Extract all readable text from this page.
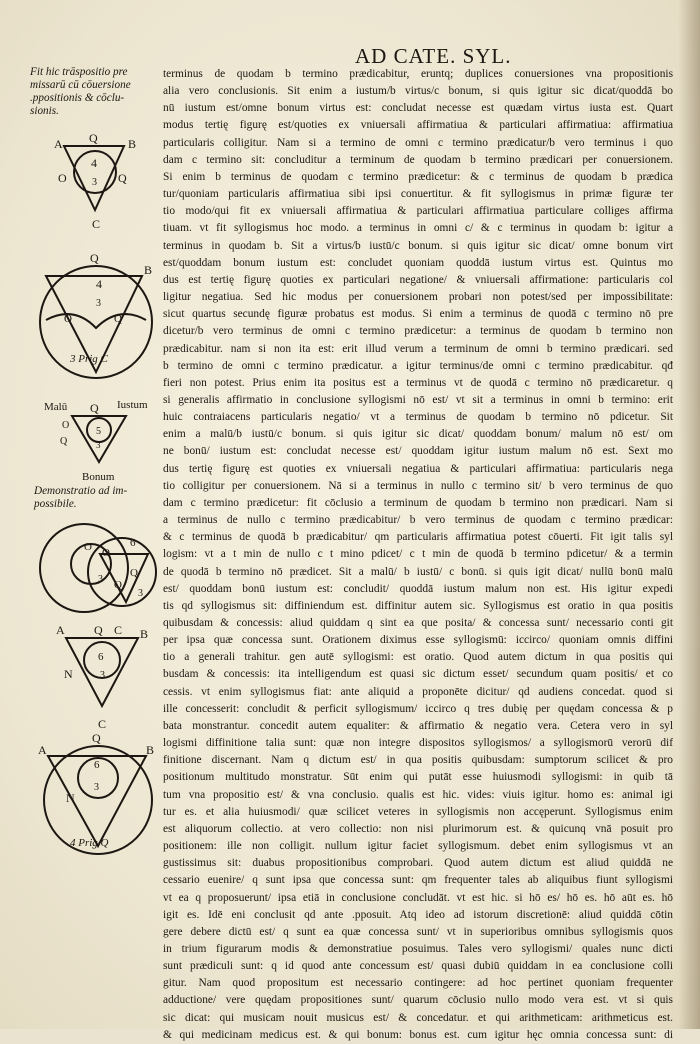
AD CATE. SYL.
Fit hic trāspositio pre
missarū cū cōuersione
.ppositionis & cōclu-
sionis.
Demonstratio ad im-
possibile.
A Q	B
O	Q
4
3
C
Q
B
4
3
O	Q
3 Prig C
Malū Q Iustum
O
5
Q	3
Bonum
O O
6
Q
Q
3
3
A Q C B
6
N	3
C
Q
A	B
6
N
3
4 Prig Q
terminus de quodam b termino prædicabitur, eruntq; duplices conuersiones vna propositionis
alia vero conclusionis. Sit enim a iustum/b virtus/c bonum, si quis igitur sic dicat/quoddā bo
nū iustum est/omne bonum virtus est: concludat necesse est quædam virtus iusta est. Quart
modus tertię figurę est/quoties ex vniuersali affirmatiua & particulari affirmatiua: affirmatiua
particularis colligitur. Nam si a termino de omni c termino prædicatur/b vero terminus i quo
dam c termino sit: concluditur a terminum de quodam b termino prædicari per conuersionem.
Si enim b terminus de quodam c termino prædicetur: & c terminus de quodam b prædica
tur/quoniam particularis affirmatiua sibi ipsi conuertitur. & fit syllogismus in primæ figuræ ter
tio modo/qui fit ex vniuersali affirmatiua & particulari affirmatiua particulare colliges affirma
tiuam. vt fit syllogismus hoc modo. a terminus in omni c/ & c terminus in quodam b: igitur a
terminus in quodam b. Sit a virtus/b iustū/c bonum. si quis igitur sic dicat/ omne bonum virt
est/quoddam bonum iustum est: concludet quoniam quoddā iustum virtus est. Quintus mo
dus est tertię figurę quoties ex particulari negatione/ & vniuersali affirmatione: particularis col
ligitur negatiua. Sed hic modus per conuersionem probari non potest/sed per impossibilitate:
sicut quartus secundę figuræ probatus est modus. Si enim a terminus de quodā c termino nō pre
dicetur/b vero terminus de omni c termino prædicetur: a terminus de quodam b termino non
prædicabitur. nam si non ita est: erit illud verum a terminum de omni b termino prædicari. sed
b termino de omni c termino prædicatur. a igitur terminus/de omni c termino prædicabitur. qđ
fieri non potest. Prius enim ita positus est a terminus vt de quodā c termino nō prædicaretur. q
si generalis affirmatio in conclusione syllogismi nō est/ vt sit a terminus in omni b termino: erit
huic contraiacens particularis negatio/ vt a terminus de quodam b termino nō pdicetur. Sit
enim a malū/b iustū/c bonum. si quis igitur sic dicat/ quoddam bonum/ malum nō est/ om
ne bonū/ iustum est: concludat necesse est/ quoddam igitur iustum malum nō est. Sext mo
dus tertię figurę est quoties ex vniuersali negatiua & particulari affirmatiua: particularis nega
tio colligitur per conuersionem. Nā si a terminus in nullo c termino sit/ b vero terminus de quo
dam c termino prædicetur: fit cōclusio a terminum de quodam b termino non prædicari. Nam si
a terminus de nullo c termino prædicabitur/ b vero terminus de quodam c termino prædicar:
& c terminus de quodā b prædicabitur/ qm particularis affirmatiua potest cōuerti. Fit igit talis syl
logism: vt a t min de nullo c t mino pdicet/ c t min de quodā b termino pdicetur/ & a termin
de quodā b termino nō prædicet. Sit a malū/ b iustū/ c bonū. si quis igit dicat/ nullū bonū malū
est/ quoddam bonū iustum est: concludit/ quoddā iustum malum non est. His igitur expedi
tis qd syllogismus sit: diffiniendum est. diffinitur autem sic. Syllogismus est oratio in qua positis
quibusdam & concessis: aliud quiddam q sint ea que posita/ & concessa sunt/ necessario conti git
per ipsa quæ concessa sunt. Orationem diximus esse syllogismū: iccirco/ quoniam omnis diffini
tio a generali trahitur. gen autē syllogismi: est oratio. Quod autem dictum in qua positis qui
busdam & concessis: ita intelligendum est quasi sic dictum esset/ secundum quam positis/ et co
cessis. vt enim syllogismus fiat: ante aliquid a proponēte dicitur/ qd audiens concedat. quod si
ille concesserit: concludit & perficit syllogismum/ iccirco q tres dubię per quędam concessa & p
bata monstrantur. concedit autem equaliter: & affirmatio & negatio vera. Cetera vero in syl
logismi diffinitione talia sunt: quæ non integre dispositos syllogismos/ a syllogismorū verorū dif
finitione discernant. Nam q dictum est/ in qua positis quibusdam: sumptorum scilicet & pro
positionum multitudo monstratur. Sūt enim qui putāt esse huiusmodi syllogismi: in quib tā
tum vna propositio est/ & vna conclusio. qualis est hic. vides: viuis igitur. homo es: animal igi
tur es. et alia huiusmodi/ quæ scilicet veteres in syllogismis non accęperunt. Syllogismus enim
est aliquorum collectio. at vero collectio: non nisi plurimorum est. & quicunq vnā posuit pro
positionem: ille non colligit. nullum igitur faciet syllogismum. debet enim syllogismus vt an
gustissimus sit: duabus propositionibus comprobari. Quod autem dictum est aliud quiddā ne
cessario euenire/ q sunt ipsa que concessa sunt: qm frequenter tales ab aliquibus fiunt syllogismi
vt ea q proposuerunt/ ipsa etiā in conclusione concludāt. vt est hic. si hō es/ hō es. hō aūt es. hō
igit es. Idē eni conclusit qd ante .pposuit. Atq ideo ad istorum discretionē: aliud quiddā cōtin
gere debere dictū est/ q sunt ea quæ concessa sunt/ vt in superioribus omnibus syllogismis quos
in trium figurarum modis & demonstratiue posuimus. Tales vero syllogismi/ quales nunc dicti
sunt prædiculi sunt: q id quod ante concessum est/ quasi dubiū quiddam in ea conclusione colli
gitur. Nam quod propositum est necessario contingere: ad hoc pertinet quoniam frequenter
adductione/ vere quędam propositiones sunt/ quarum cōclusio nullo modo vera est. vt si quis
sic dicat: qui musicam nouit musicus est/ & concedatur. et qui arithmeticam: arithmeticus est.
& qui medicinam medicus est. & qui bonum: bonus est. cum igitur hęc omnia concessa sunt: di
